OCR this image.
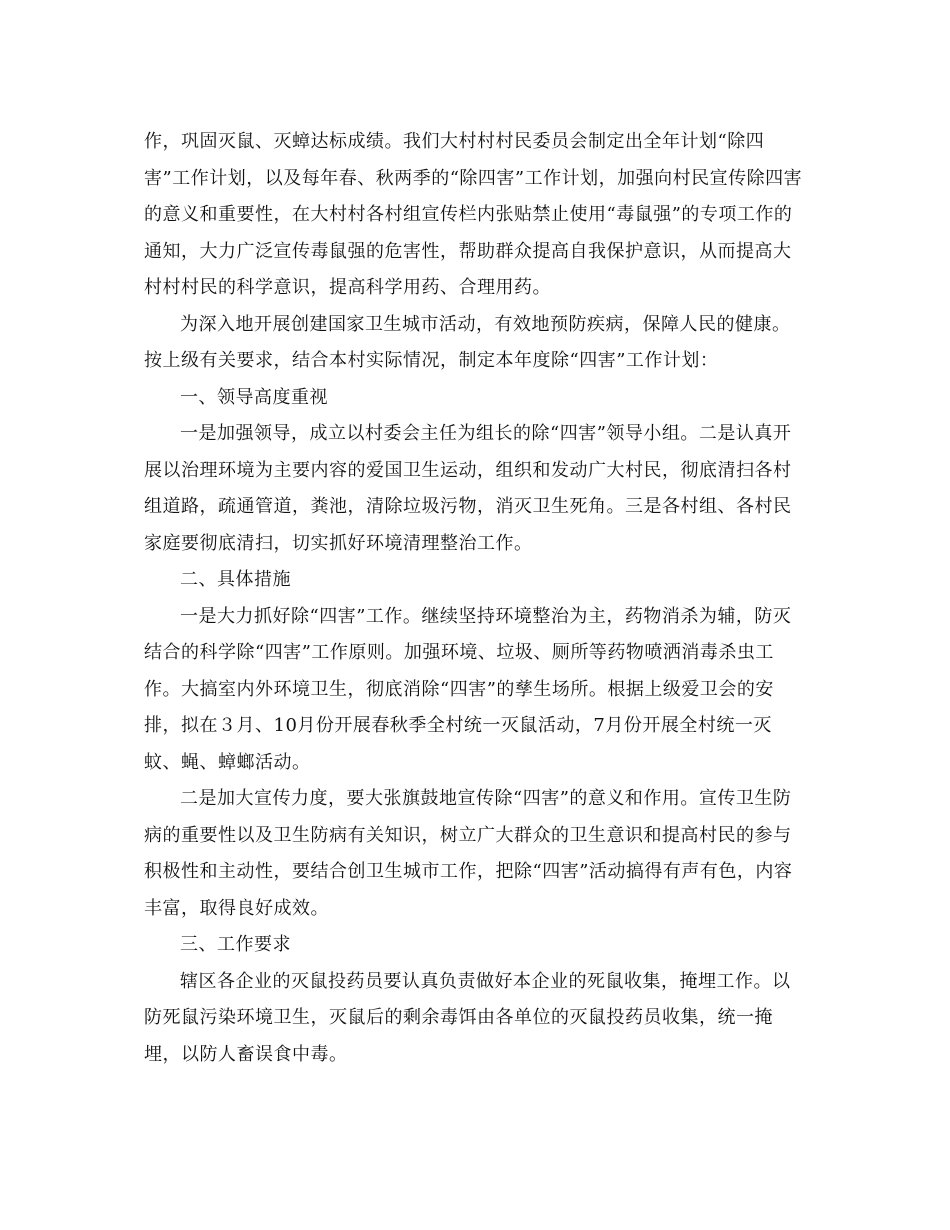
作，巩固灭鼠、灭蟑达标成绩。我们大村村村民委员会制定出全年计划“除四

害”工作计划，以及每年春、秋两季的“除四害”工作计划，加强向村民宣传除四害

的意义和重要性，在大村村各村组宣传栏内张贴禁止使用“毒鼠强”的专项工作的

通知，大力广泛宣传毒鼠强的危害性，帮助群众提高自我保护意识，从而提高大

村村村民的科学意识，提高科学用药、合理用药。

为深入地开展创建国家卫生城市活动，有效地预防疾病，保障人民的健康。

按上级有关要求，结合本村实际情况，制定本年度除“四害”工作计划：

一、领导高度重视

一是加强领导，成立以村委会主任为组长的除“四害”领导小组。二是认真开

展以治理环境为主要内容的爱国卫生运动，组织和发动广大村民，彻底清扫各村

组道路，疏通管道，粪池，清除垃圾污物，消灭卫生死角。三是各村组、各村民

家庭要彻底清扫，切实抓好环境清理整治工作。

二、具体措施

一是大力抓好除“四害”工作。继续坚持环境整治为主，药物消杀为辅，防灭

结合的科学除“四害”工作原则。加强环境、垃圾、厕所等药物喷洒消毒杀虫工

作。大搞室内外环境卫生，彻底消除“四害”的孳生场所。根据上级爱卫会的安

排，拟在３月、10月份开展春秋季全村统一灭鼠活动，7月份开展全村统一灭

蚊、蝇、蟑螂活动。

二是加大宣传力度，要大张旗鼓地宣传除“四害”的意义和作用。宣传卫生防

病的重要性以及卫生防病有关知识，树立广大群众的卫生意识和提高村民的参与

积极性和主动性，要结合创卫生城市工作，把除“四害”活动搞得有声有色，内容

丰富，取得良好成效。

三、工作要求

辖区各企业的灭鼠投药员要认真负责做好本企业的死鼠收集，掩埋工作。以

防死鼠污染环境卫生，灭鼠后的剩余毒饵由各单位的灭鼠投药员收集，统一掩

埋，以防人畜误食中毒。
